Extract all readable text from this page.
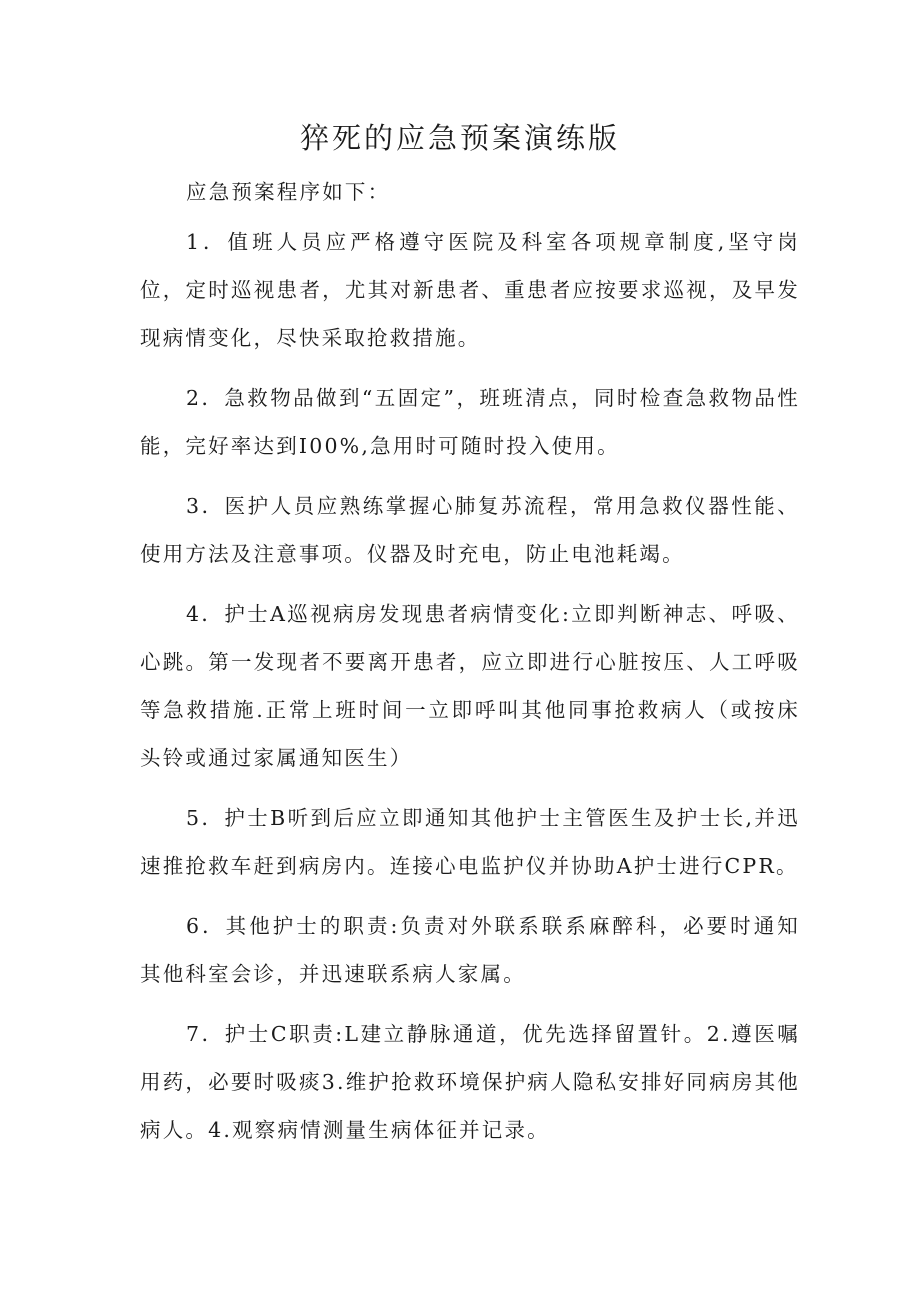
猝死的应急预案演练版

应急预案程序如下：

1．值班人员应严格遵守医院及科室各项规章制度,坚守岗位，定时巡视患者，尤其对新患者、重患者应按要求巡视，及早发现病情变化，尽快采取抢救措施。

2．急救物品做到“五固定”，班班清点，同时检查急救物品性能，完好率达到I00%,急用时可随时投入使用。

3．医护人员应熟练掌握心肺复苏流程，常用急救仪器性能、使用方法及注意事项。仪器及时充电，防止电池耗竭。

4．护士A巡视病房发现患者病情变化:立即判断神志、呼吸、心跳。第一发现者不要离开患者，应立即进行心脏按压、人工呼吸等急救措施.正常上班时间一立即呼叫其他同事抢救病人（或按床头铃或通过家属通知医生）

5．护士B听到后应立即通知其他护士主管医生及护士长,并迅速推抢救车赶到病房内。连接心电监护仪并协助A护士进行CPR。

6．其他护士的职责:负责对外联系联系麻醉科，必要时通知其他科室会诊，并迅速联系病人家属。

7．护士C职责:L建立静脉通道，优先选择留置针。2.遵医嘱用药，必要时吸痰3.维护抢救环境保护病人隐私安排好同病房其他病人。4.观察病情测量生病体征并记录。
